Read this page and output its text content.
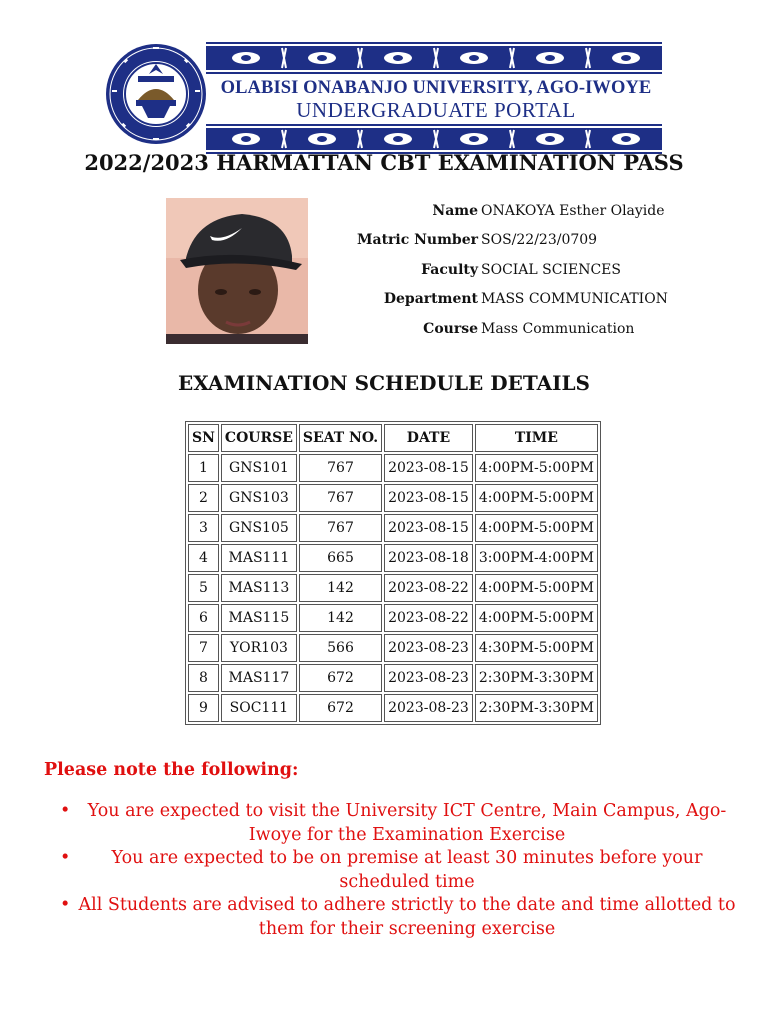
OLABISI ONABANJO UNIVERSITY, AGO-IWOYE
UNDERGRADUATE PORTAL
2022/2023 HARMATTAN CBT EXAMINATION PASS
Name ONAKOYA Esther Olayide
Matric Number SOS/22/23/0709
Faculty SOCIAL SCIENCES
Department MASS COMMUNICATION
Course Mass Communication
EXAMINATION SCHEDULE DETAILS
SN	COURSE	SEAT NO.	DATE	TIME
1	GNS101	767	2023-08-15	4:00PM-5:00PM
2	GNS103	767	2023-08-15	4:00PM-5:00PM
3	GNS105	767	2023-08-15	4:00PM-5:00PM
4	MAS111	665	2023-08-18	3:00PM-4:00PM
5	MAS113	142	2023-08-22	4:00PM-5:00PM
6	MAS115	142	2023-08-22	4:00PM-5:00PM
7	YOR103	566	2023-08-23	4:30PM-5:00PM
8	MAS117	672	2023-08-23	2:30PM-3:30PM
9	SOC111	672	2023-08-23	2:30PM-3:30PM
Please note the following:
• You are expected to visit the University ICT Centre, Main Campus, Ago-Iwoye for the Examination Exercise
• You are expected to be on premise at least 30 minutes before your scheduled time
• All Students are advised to adhere strictly to the date and time allotted to them for their screening exercise
